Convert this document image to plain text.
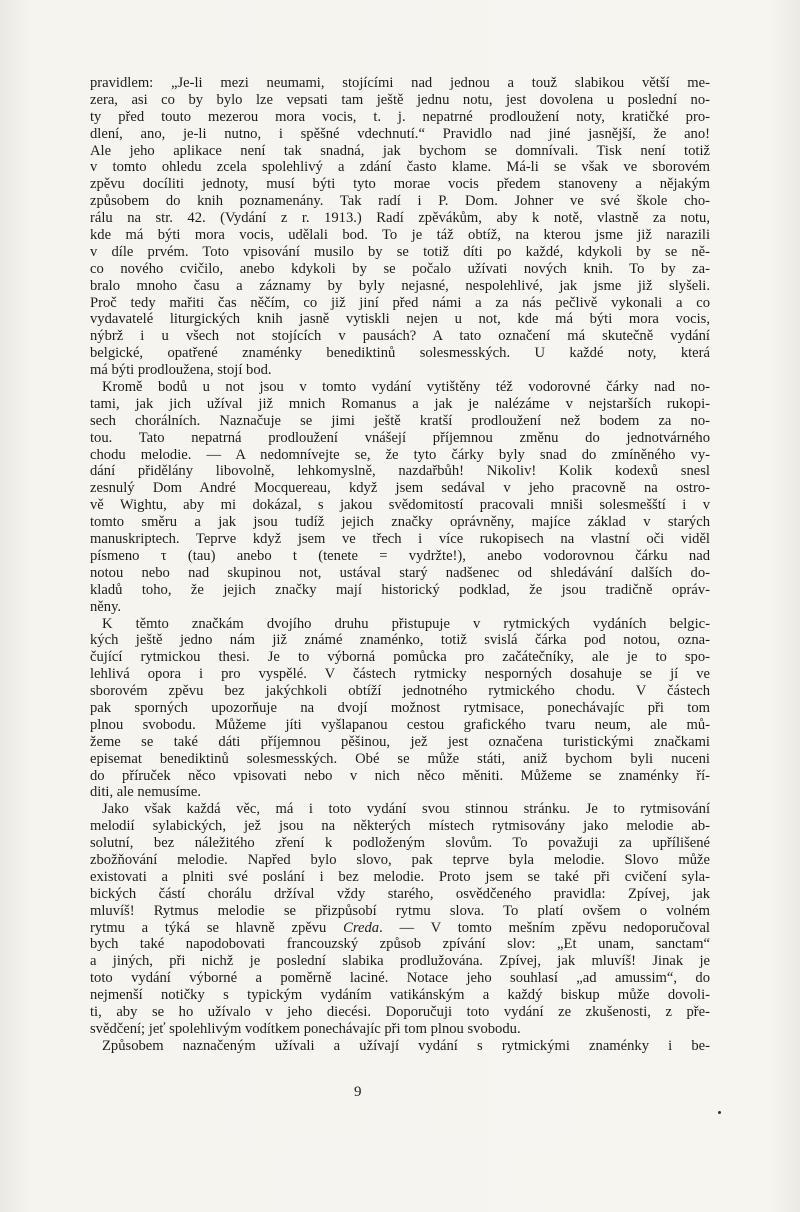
pravidlem: „Je-li mezi neumami, stojícími nad jednou a touž slabikou větší me-
zera, asi co by bylo lze vepsati tam ještě jednu notu, jest dovolena u poslední no-
ty před touto mezerou mora vocis, t. j. nepatrné prodloužení noty, kratičké pro-
dlení, ano, je-li nutno, i spěšné vdechnutí.“ Pravidlo nad jiné jasnější, že ano!
Ale jeho aplikace není tak snadná, jak bychom se domnívali. Tisk není totiž
v tomto ohledu zcela spolehlivý a zdání často klame. Má-li se však ve sborovém
zpěvu docíliti jednoty, musí býti tyto morae vocis předem stanoveny a nějakým
způsobem do knih poznamenány. Tak radí i P. Dom. Johner ve své škole cho-
rálu na str. 42. (Vydání z r. 1913.) Radí zpěvákům, aby k notě, vlastně za notu,
kde má býti mora vocis, udělali bod. To je táž obtíž, na kterou jsme již narazili
v díle prvém. Toto vpisování musilo by se totiž díti po každé, kdykoli by se ně-
co nového cvičilo, anebo kdykoli by se počalo užívati nových knih. To by za-
bralo mnoho času a záznamy by byly nejasné, nespolehlivé, jak jsme již slyšeli.
Proč tedy mařiti čas něčím, co již jiní před námi a za nás pečlivě vykonali a co
vydavatelé liturgických knih jasně vytiskli nejen u not, kde má býti mora vocis,
nýbrž i u všech not stojících v pausách? A tato označení má skutečně vydání
belgické, opatřené znaménky benediktinů solesmesských. U každé noty, která
má býti prodloužena, stojí bod.
Kromě bodů u not jsou v tomto vydání vytištěny též vodorovné čárky nad no-
tami, jak jich užíval již mnich Romanus a jak je nalézáme v nejstarších rukopi-
sech chorálních. Naznačuje se jimi ještě kratší prodloužení než bodem za no-
tou. Tato nepatrná prodloužení vnášejí příjemnou změnu do jednotvárného
chodu melodie. — A nedomnívejte se, že tyto čárky byly snad do zmíněného vy-
dání přidělány libovolně, lehkomyslně, nazdařbůh! Nikoliv! Kolik kodexů snesl
zesnulý Dom André Mocquereau, když jsem sedával v jeho pracovně na ostro-
vě Wightu, aby mi dokázal, s jakou svědomitostí pracovali mniši solesmešští i v
tomto směru a jak jsou tudíž jejich značky oprávněny, majíce základ v starých
manuskriptech. Teprve když jsem ve třech i více rukopisech na vlastní oči viděl
písmeno τ (tau) anebo t (tenete = vydržte!), anebo vodorovnou čárku nad
notou nebo nad skupinou not, ustával starý nadšenec od shledávání dalších do-
kladů toho, že jejich značky mají historický podklad, že jsou tradičně opráv-
něny.
K těmto značkám dvojího druhu přistupuje v rytmických vydáních belgic-
kých ještě jedno nám již známé znaménko, totiž svislá čárka pod notou, ozna-
čující rytmickou thesi. Je to výborná pomůcka pro začátečníky, ale je to spo-
lehlivá opora i pro vyspělé. V částech rytmicky nesporných dosahuje se jí ve
sborovém zpěvu bez jakýchkoli obtíží jednotného rytmického chodu. V částech
pak sporných upozorňuje na dvojí možnost rytmisace, ponechávajíc při tom
plnou svobodu. Můžeme jíti vyšlapanou cestou grafického tvaru neum, ale mů-
žeme se také dáti příjemnou pěšinou, jež jest označena turistickými značkami
episemat benediktinů solesmesských. Obé se může státi, aniž bychom byli nuceni
do příruček něco vpisovati nebo v nich něco měniti. Můžeme se znaménky ří-
diti, ale nemusíme.
Jako však každá věc, má i toto vydání svou stinnou stránku. Je to rytmisování
melodií sylabických, jež jsou na některých místech rytmisovány jako melodie ab-
solutní, bez náležitého zření k podloženým slovům. To považuji za upřílišené
zbožňování melodie. Napřed bylo slovo, pak teprve byla melodie. Slovo může
existovati a plniti své poslání i bez melodie. Proto jsem se také při cvičení syla-
bických částí chorálu držíval vždy starého, osvědčeného pravidla: Zpívej, jak
mluvíš! Rytmus melodie se přizpůsobí rytmu slova. To platí ovšem o volném
rytmu a týká se hlavně zpěvu Creda. — V tomto mešním zpěvu nedoporučoval
bych také napodobovati francouzský způsob zpívání slov: „Et unam, sanctam“
a jiných, při nichž je poslední slabika prodlužována. Zpívej, jak mluvíš! Jinak je
toto vydání výborné a poměrně laciné. Notace jeho souhlasí „ad amussim“, do
nejmenší notičky s typickým vydáním vatikánským a každý biskup může dovoli-
ti, aby se ho užívalo v jeho diecési. Doporučuji toto vydání ze zkušenosti, z pře-
svědčení; jeť spolehlivým vodítkem ponechávajíc při tom plnou svobodu.
Způsobem naznačeným užívali a užívají vydání s rytmickými znaménky i be-
9
